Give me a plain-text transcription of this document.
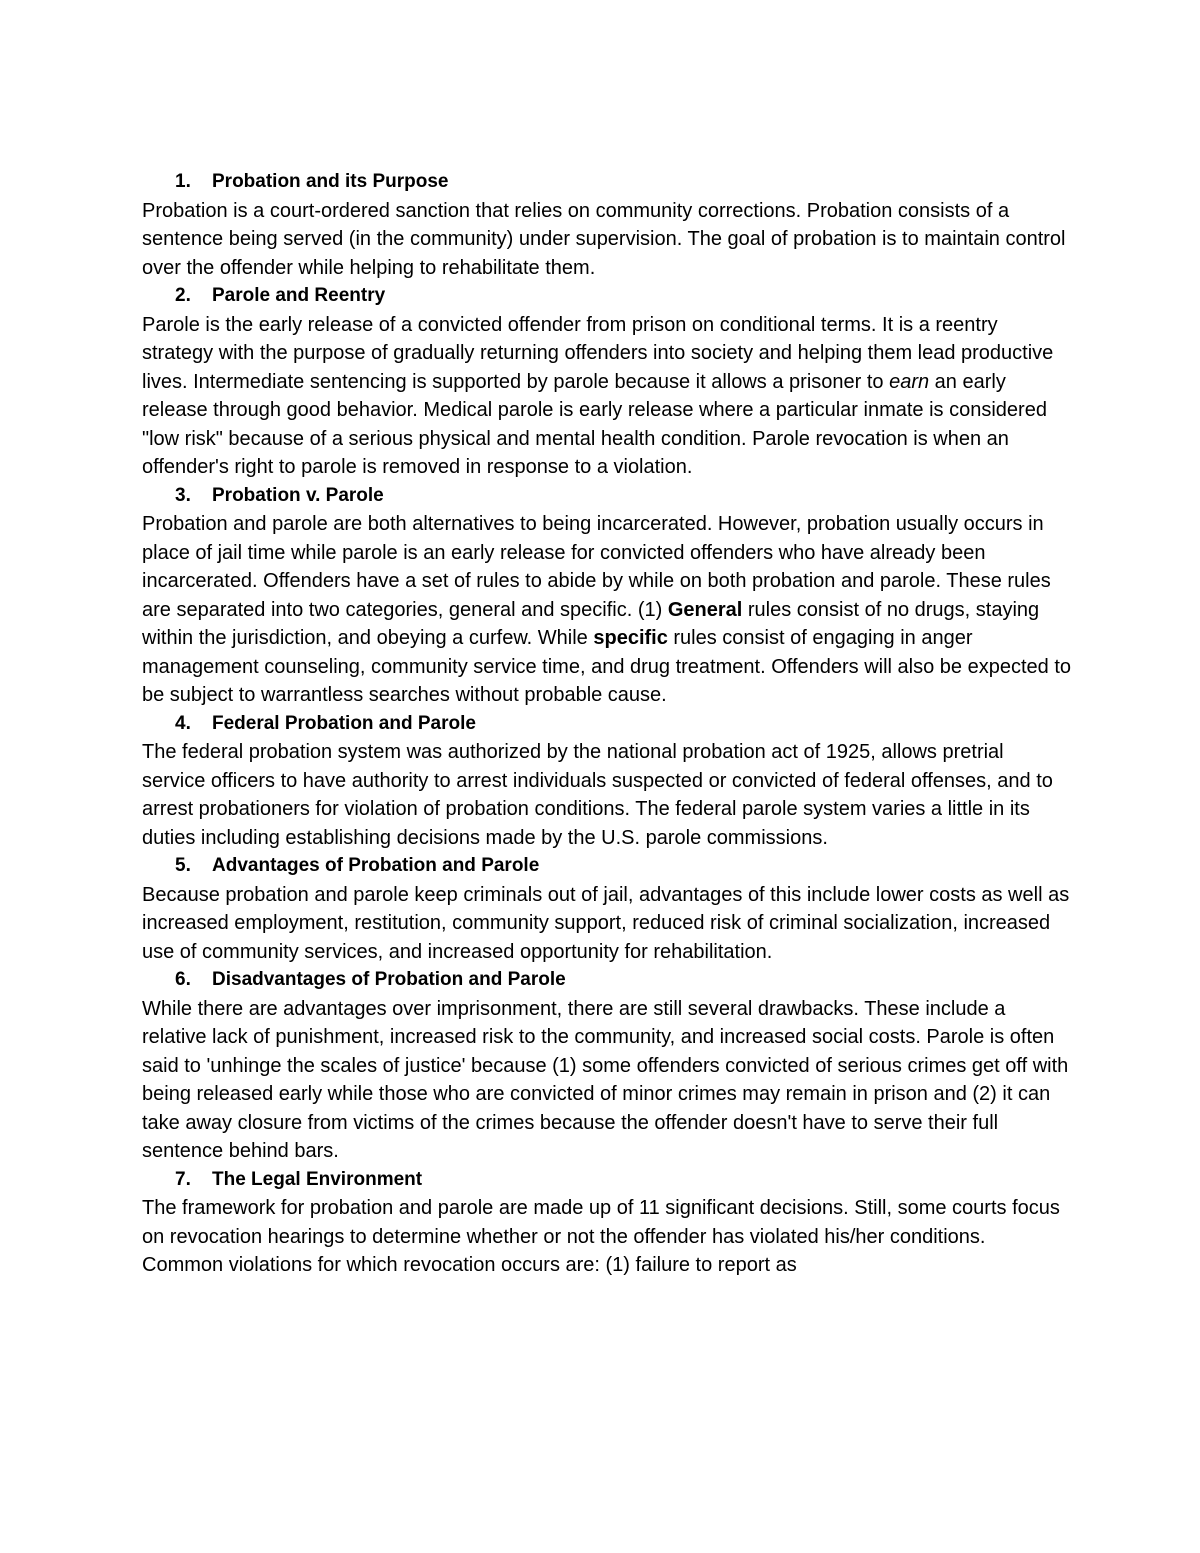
1. Probation and its Purpose

Probation is a court-ordered sanction that relies on community corrections. Probation consists of a sentence being served (in the community) under supervision. The goal of probation is to maintain control over the offender while helping to rehabilitate them.

2. Parole and Reentry

Parole is the early release of a convicted offender from prison on conditional terms. It is a reentry strategy with the purpose of gradually returning offenders into society and helping them lead productive lives. Intermediate sentencing is supported by parole because it allows a prisoner to earn an early release through good behavior. Medical parole is early release where a particular inmate is considered "low risk" because of a serious physical and mental health condition. Parole revocation is when an offender's right to parole is removed in response to a violation.

3. Probation v. Parole

Probation and parole are both alternatives to being incarcerated. However, probation usually occurs in place of jail time while parole is an early release for convicted offenders who have already been incarcerated. Offenders have a set of rules to abide by while on both probation and parole. These rules are separated into two categories, general and specific. (1) General rules consist of no drugs, staying within the jurisdiction, and obeying a curfew. While specific rules consist of engaging in anger management counseling, community service time, and drug treatment. Offenders will also be expected to be subject to warrantless searches without probable cause.

4. Federal Probation and Parole

The federal probation system was authorized by the national probation act of 1925, allows pretrial service officers to have authority to arrest individuals suspected or convicted of federal offenses, and to arrest probationers for violation of probation conditions. The federal parole system varies a little in its duties including establishing decisions made by the U.S. parole commissions.

5. Advantages of Probation and Parole

Because probation and parole keep criminals out of jail, advantages of this include lower costs as well as increased employment, restitution, community support, reduced risk of criminal socialization, increased use of community services, and increased opportunity for rehabilitation.

6. Disadvantages of Probation and Parole

While there are advantages over imprisonment, there are still several drawbacks. These include a relative lack of punishment, increased risk to the community, and increased social costs. Parole is often said to 'unhinge the scales of justice' because (1) some offenders convicted of serious crimes get off with being released early while those who are convicted of minor crimes may remain in prison and (2) it can take away closure from victims of the crimes because the offender doesn't have to serve their full sentence behind bars.

7. The Legal Environment

The framework for probation and parole are made up of 11 significant decisions. Still, some courts focus on revocation hearings to determine whether or not the offender has violated his/her conditions. Common violations for which revocation occurs are: (1) failure to report as
